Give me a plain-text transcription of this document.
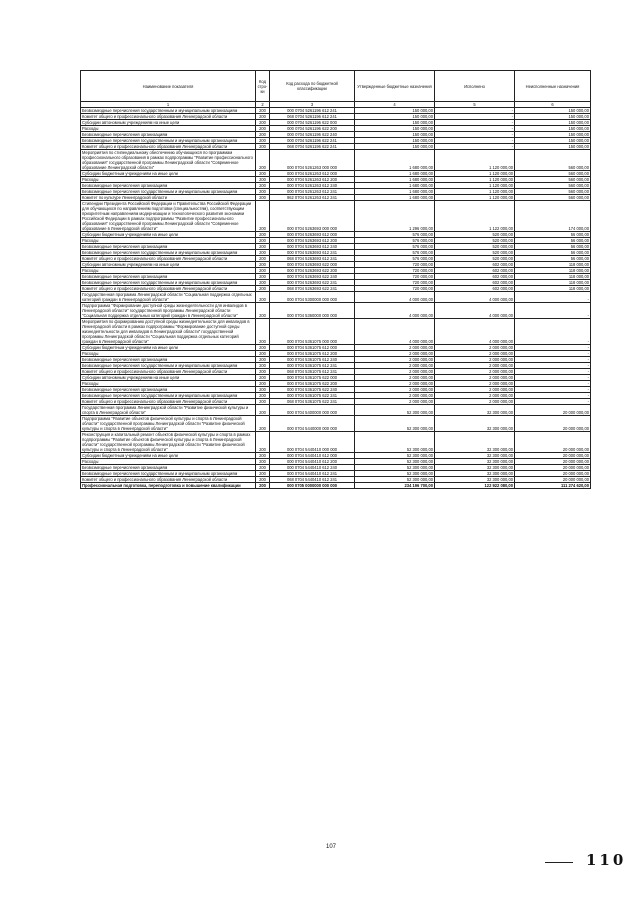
Наименование показателя	Код стро-ки	Код расхода по бюджетной классификации	Утвержденные бюджетные назначения	Исполнено	Неисполненные назначения
1	2	3	4	5	6
Безвозмездные перечисления государственным и муниципальным организациям	200	000 0704 5261196 612 241	150 000,00	-	150 000,00
Комитет общего и профессионального образования Ленинградской области	200	068 0704 5261196 612 241	150 000,00	-	150 000,00
Субсидии автономным учреждениям на иные цели	200	000 0704 5261196 622 000	150 000,00	-	150 000,00
Расходы	200	000 0704 5261196 622 200	150 000,00	-	150 000,00
Безвозмездные перечисления организациям	200	000 0704 5261196 622 240	150 000,00	-	150 000,00
Безвозмездные перечисления государственным и муниципальным организациям	200	000 0704 5261196 622 241	150 000,00	-	150 000,00
Комитет общего и профессионального образования Ленинградской области	200	068 0704 5261196 622 241	150 000,00	-	150 000,00
Мероприятия по стипендиальному обеспечению обучающихся по программам профессионального образования в рамках подпрограммы "Развитие профессионального образования" государственной программы Ленинградской области "Современное образование Ленинградской области"	200	000 0704 5261263 000 000	1 680 000,00	1 120 000,00	560 000,00
Субсидии бюджетным учреждениям на иные цели	200	000 0704 5261263 612 000	1 680 000,00	1 120 000,00	560 000,00
Расходы	200	000 0704 5261263 612 200	1 680 000,00	1 120 000,00	560 000,00
Безвозмездные перечисления организациям	200	000 0704 5261263 612 240	1 680 000,00	1 120 000,00	560 000,00
Безвозмездные перечисления государственным и муниципальным организациям	200	000 0704 5261263 612 241	1 680 000,00	1 120 000,00	560 000,00
Комитет по культуре Ленинградской области	200	962 0704 5261263 612 241	1 680 000,00	1 120 000,00	560 000,00
Стипендии Президента Российской Федерации и Правительства Российской Федерации для обучающихся по направлениям подготовки (специальностям), соответствующим приоритетным направлениям модернизации и технологического развития экономики Российской Федерации в рамках подпрограммы "Развитие профессионального образования" государственной программы Ленинградской области "Современное образование в Ленинградской области"	200	000 0704 5263693 000 000	1 296 000,00	1 122 000,00	174 000,00
Субсидии бюджетным учреждениям на иные цели	200	000 0704 5263693 612 000	576 000,00	520 000,00	56 000,00
Расходы	200	000 0704 5263693 612 200	576 000,00	520 000,00	56 000,00
Безвозмездные перечисления организациям	200	000 0704 5263693 612 240	576 000,00	520 000,00	56 000,00
Безвозмездные перечисления государственным и муниципальным организациям	200	000 0704 5263693 612 241	576 000,00	520 000,00	56 000,00
Комитет общего и профессионального образования Ленинградской области	200	068 0704 5263693 612 241	576 000,00	520 000,00	56 000,00
Субсидии автономным учреждениям на иные цели	200	000 0704 5263693 622 000	720 000,00	602 000,00	118 000,00
Расходы	200	000 0704 5263693 622 200	720 000,00	602 000,00	118 000,00
Безвозмездные перечисления организациям	200	000 0704 5263693 622 240	720 000,00	602 000,00	118 000,00
Безвозмездные перечисления государственным и муниципальным организациям	200	000 0704 5263693 622 241	720 000,00	602 000,00	118 000,00
Комитет общего и профессионального образования Ленинградской области	200	068 0704 5263693 622 241	720 000,00	602 000,00	118 000,00
Государственная программа Ленинградской области "Социальная поддержка отдельных категорий граждан в Ленинградской области"	200	000 0704 5300000 000 000	4 000 000,00	4 000 000,00	-
Подпрограмма "Формирование доступной среды жизнедеятельности для инвалидов в Ленинградской области" государственной программы Ленинградской области "Социальная поддержка отдельных категорий граждан в Ленинградской области"	200	000 0704 5360000 000 000	4 000 000,00	4 000 000,00	-
Мероприятия по формированию доступной среды жизнедеятельности для инвалидов в Ленинградской области в рамках подпрограммы "Формирование доступной среды жизнедеятельности для инвалидов в Ленинградской области" государственной программы Ленинградской области "Социальная поддержка отдельных категорий граждан в Ленинградской области"	200	000 0704 5361075 000 000	4 000 000,00	4 000 000,00	-
Субсидии бюджетным учреждениям на иные цели	200	000 0704 5361075 612 000	2 000 000,00	2 000 000,00	-
Расходы	200	000 0704 5361075 612 200	2 000 000,00	2 000 000,00	-
Безвозмездные перечисления организациям	200	000 0704 5361075 612 240	2 000 000,00	2 000 000,00	-
Безвозмездные перечисления государственным и муниципальным организациям	200	000 0704 5361075 612 241	2 000 000,00	2 000 000,00	-
Комитет общего и профессионального образования Ленинградской области	200	068 0704 5361075 612 241	2 000 000,00	2 000 000,00	-
Субсидии автономным учреждениям на иные цели	200	000 0704 5361075 622 000	2 000 000,00	2 000 000,00	-
Расходы	200	000 0704 5361075 622 200	2 000 000,00	2 000 000,00	-
Безвозмездные перечисления организациям	200	000 0704 5361075 622 240	2 000 000,00	2 000 000,00	-
Безвозмездные перечисления государственным и муниципальным организациям	200	000 0704 5361075 622 241	2 000 000,00	2 000 000,00	-
Комитет общего и профессионального образования Ленинградской области	200	068 0704 5361075 622 241	2 000 000,00	2 000 000,00	-
Государственная программа Ленинградской области "Развитие физической культуры и спорта в Ленинградской области"	200	000 0704 5400000 000 000	52 300 000,00	32 300 000,00	20 000 000,00
Подпрограмма "Развитие объектов физической культуры и спорта в Ленинградской области" государственной программы Ленинградской области "Развитие физической культуры и спорта в Ленинградской области"	200	000 0704 5440000 000 000	52 300 000,00	32 300 000,00	20 000 000,00
Реконструкция и капитальный ремонт объектов физической культуры и спорта в рамках подпрограммы "Развитие объектов физической культуры и спорта в Ленинградской области" государственной программы Ленинградской области "Развитие физической культуры и спорта в Ленинградской области"	200	000 0704 5440410 000 000	52 300 000,00	32 300 000,00	20 000 000,00
Субсидии бюджетным учреждениям на иные цели	200	000 0704 5440410 612 000	52 300 000,00	32 300 000,00	20 000 000,00
Расходы	200	000 0704 5440410 612 200	52 300 000,00	32 300 000,00	20 000 000,00
Безвозмездные перечисления организациям	200	000 0704 5440410 612 240	52 300 000,00	32 300 000,00	20 000 000,00
Безвозмездные перечисления государственным и муниципальным организациям	200	000 0704 5440410 612 241	52 300 000,00	32 300 000,00	20 000 000,00
Комитет общего и профессионального образования Ленинградской области	200	068 0704 5440410 612 241	52 300 000,00	32 300 000,00	20 000 000,00
Профессиональная подготовка, переподготовка и повышение квалификации	200	000 0705 0000000 000 000	234 196 700,00	122 922 080,00	111 274 620,00
107
110
